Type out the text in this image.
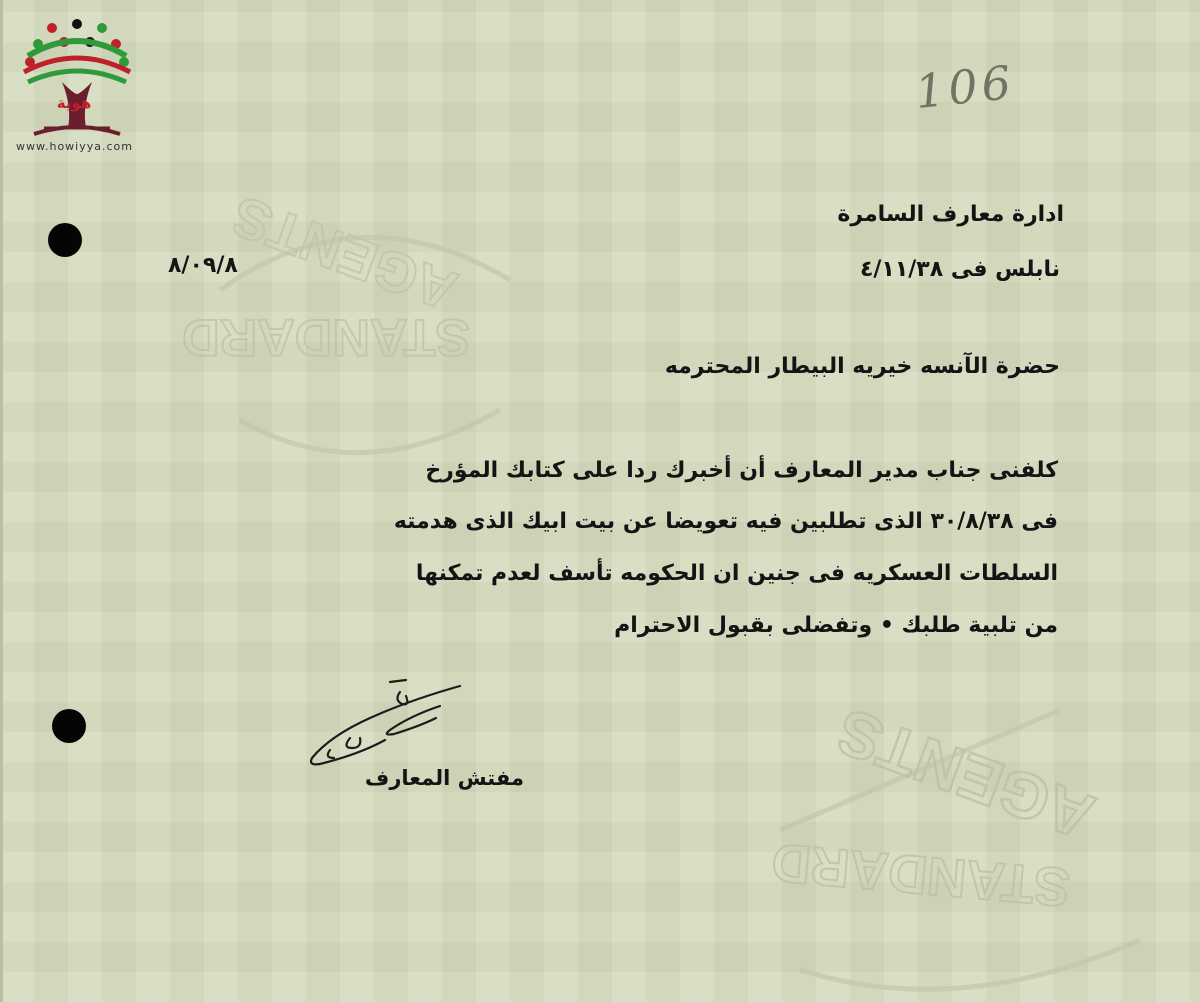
STANDARD
AGENTS
AGENTS
STANDARD
هوية
www.howiyya.com
106
ادارة معارف السامرة
نابلس فى ٤/١١/٣٨
٨/٠٩/٨
حضرة الآنسه خيريه البيطار المحترمه
كلفنى جناب مدير المعارف أن أخبرك ردا على كتابك المؤرخ
فى ٣٠/٨/٣٨ الذى تطلبين فيه تعويضا عن بيت ابيك الذى هدمته
السلطات العسكريه فى جنين ان الحكومه تأسف لعدم تمكنها
من تلبية طلبك • وتفضلى بقبول الاحترام
مفتش المعارف
